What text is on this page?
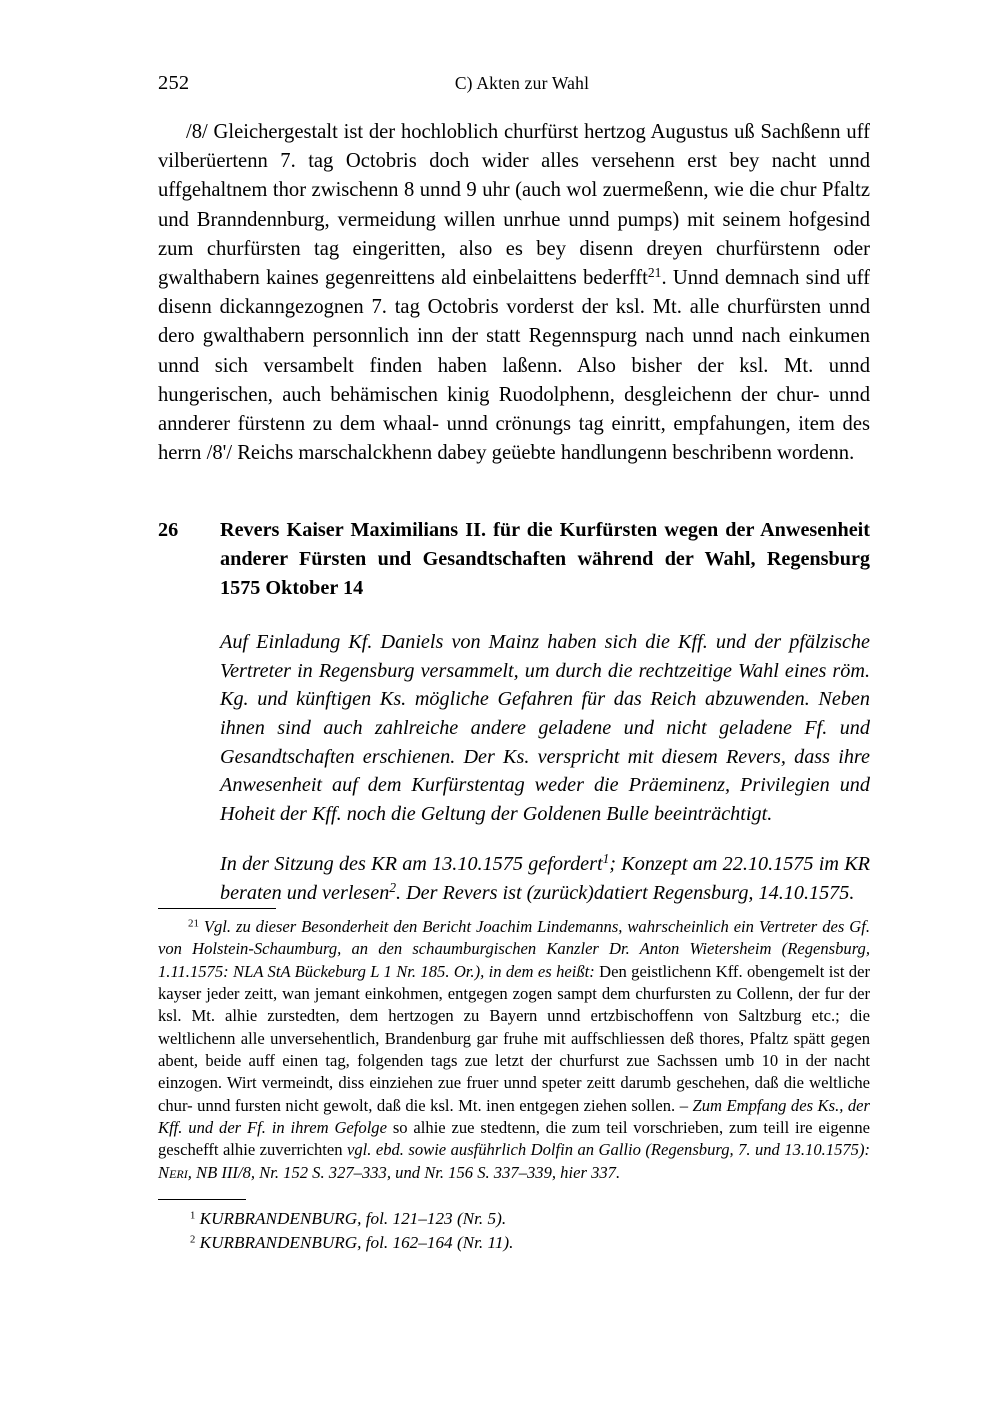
252	C) Akten zur Wahl

/8/ Gleichergestalt ist der hochloblich churfürst hertzog Augustus uß Sachßenn uff vilberüertenn 7. tag Octobris doch wider alles versehenn erst bey nacht unnd uffgehaltnem thor zwischenn 8 unnd 9 uhr (auch wol zuermeßenn, wie die chur Pfaltz und Branndennburg, vermeidung willen unrhue unnd pumps) mit seinem hofgesind zum churfürsten tag eingeritten, also es bey disenn dreyen churfürstenn oder gwalthabern kaines gegenreittens ald einbelaittens bederfft$^{21}$. Unnd demnach sind uff disenn dickanngezognen 7. tag Octobris vorderst der ksl. Mt. alle churfürsten unnd dero gwalthabern personnlich inn der statt Regennspurg nach unnd nach einkumen unnd sich versambelt finden haben laßenn. Also bisher der ksl. Mt. unnd hungerischen, auch behämischen kinig Ruodolphenn, desgleichenn der chur- unnd annderer fürstenn zu dem whaal- unnd crönungs tag einritt, empfahungen, item des herrn /8'/ Reichs marschalckhenn dabey geüebte handlungenn beschribenn wordenn.

26	Revers Kaiser Maximilians II. für die Kurfürsten wegen der Anwesenheit anderer Fürsten und Gesandtschaften während der Wahl, Regensburg 1575 Oktober 14

Auf Einladung Kf. Daniels von Mainz haben sich die Kff. und der pfälzische Vertreter in Regensburg versammelt, um durch die rechtzeitige Wahl eines röm. Kg. und künftigen Ks. mögliche Gefahren für das Reich abzuwenden. Neben ihnen sind auch zahlreiche andere geladene und nicht geladene Ff. und Gesandtschaften erschienen. Der Ks. verspricht mit diesem Revers, dass ihre Anwesenheit auf dem Kurfürstentag weder die Präeminenz, Privilegien und Hoheit der Kff. noch die Geltung der Goldenen Bulle beeinträchtigt.

In der Sitzung des KR am 13.10.1575 gefordert$^1$; Konzept am 22.10.1575 im KR beraten und verlesen$^2$. Der Revers ist (zurück)datiert Regensburg, 14.10.1575.

$^{21}$ Vgl. zu dieser Besonderheit den Bericht Joachim Lindemanns, wahrscheinlich ein Vertreter des Gf. von Holstein-Schaumburg, an den schaumburgischen Kanzler Dr. Anton Wietersheim (Regensburg, 1.11.1575: NLA StA Bückeburg L 1 Nr. 185. Or.), in dem es heißt: Den geistlichenn Kff. obengemelt ist der kayser jeder zeitt, wan jemant einkohmen, entgegen zogen sampt dem churfursten zu Collenn, der fur der ksl. Mt. alhie zurstedten, dem hertzogen zu Bayern unnd ertzbischoffenn von Saltzburg etc.; die weltlichenn alle unversehentlich, Brandenburg gar fruhe mit auffschliessen deß thores, Pfaltz spätt gegen abent, beide auff einen tag, folgenden tags zue letzt der churfurst zue Sachssen umb 10 in der nacht einzogen. Wirt vermeindt, diss einziehen zue fruer unnd speter zeitt darumb geschehen, daß die weltliche chur- unnd fursten nicht gewolt, daß die ksl. Mt. inen entgegen ziehen sollen. – Zum Empfang des Ks., der Kff. und der Ff. in ihrem Gefolge so alhie zue stedtenn, die zum teil vorschrieben, zum teill ire eigenne geschefft alhie zuverrichten vgl. ebd. sowie ausführlich Dolfin an Gallio (Regensburg, 7. und 13.10.1575): Neri, NB III/8, Nr. 152 S. 327–333, und Nr. 156 S. 337–339, hier 337.
$^1$ KURBRANDENBURG, fol. 121–123 (Nr. 5).
$^2$ KURBRANDENBURG, fol. 162–164 (Nr. 11).
